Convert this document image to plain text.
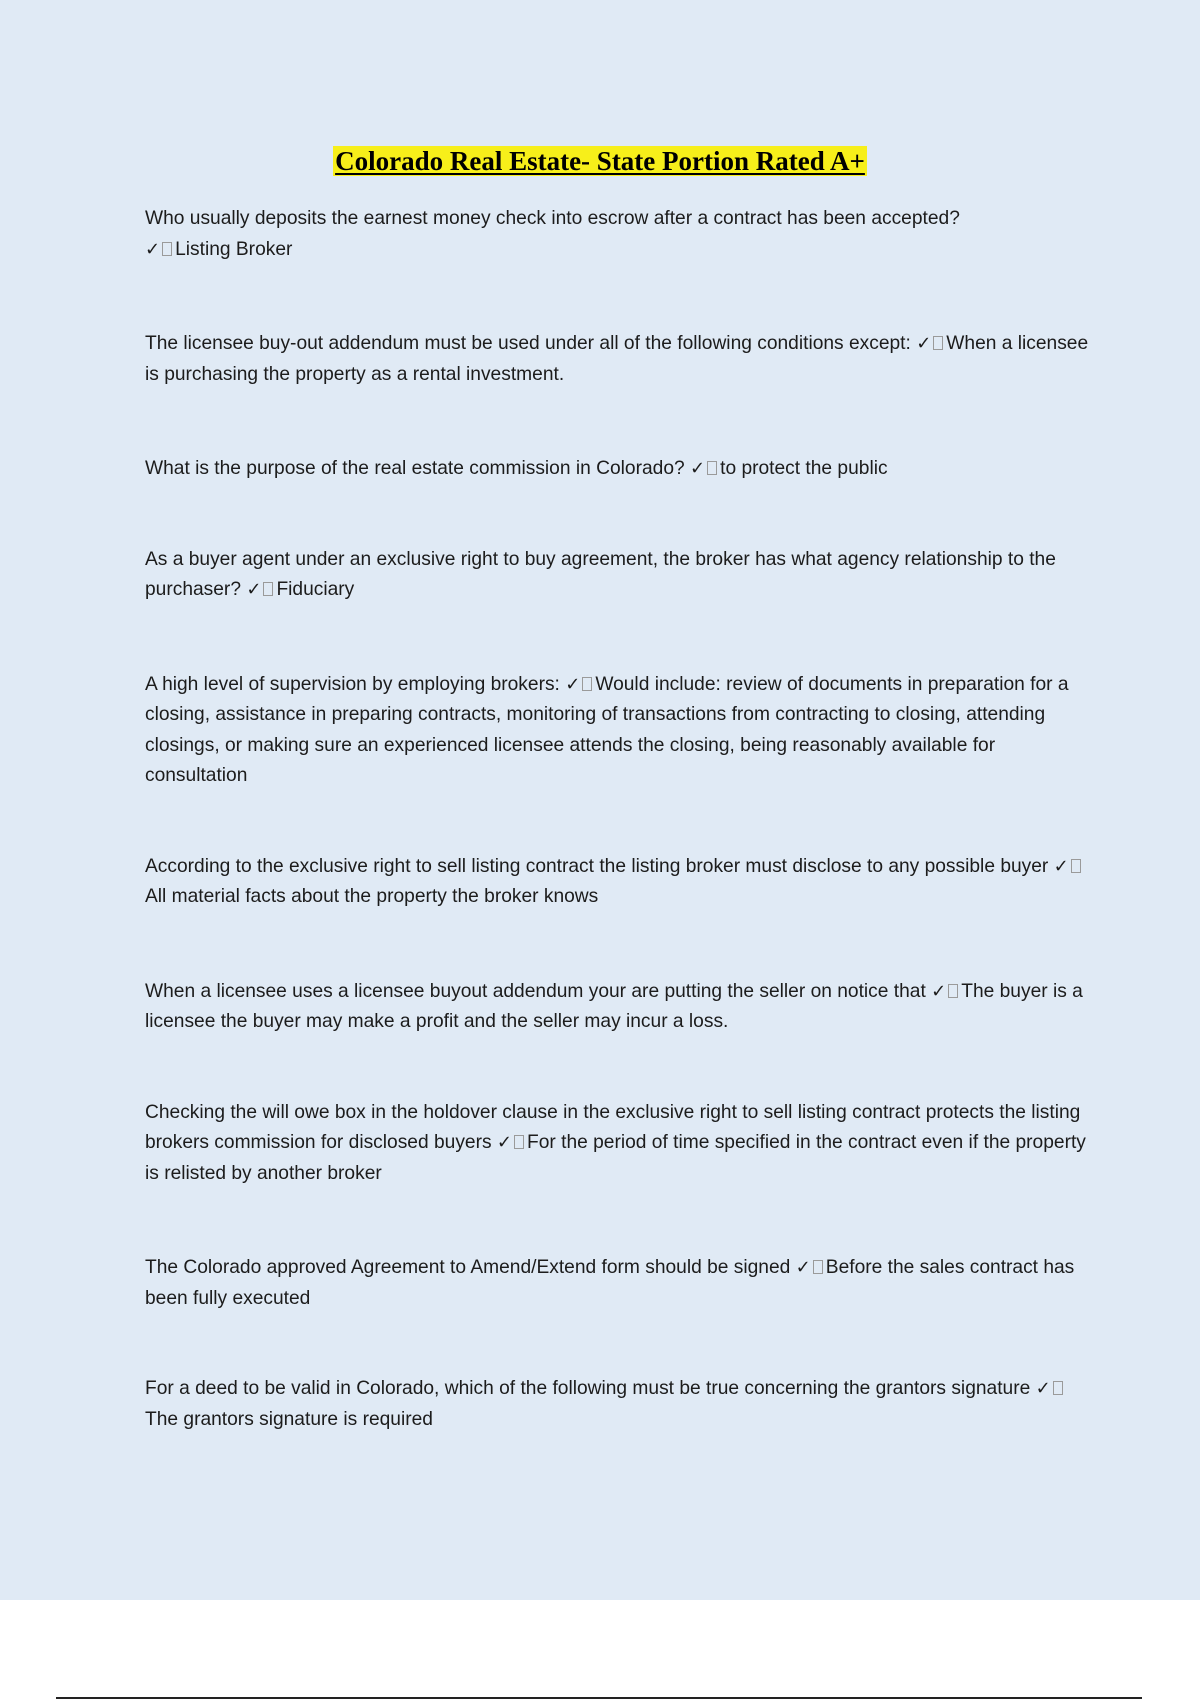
Colorado Real Estate- State Portion Rated A+

Who usually deposits the earnest money check into escrow after a contract has been accepted?
✓ Listing Broker

The licensee buy-out addendum must be used under all of the following conditions except: ✓ When a licensee is purchasing the property as a rental investment.

What is the purpose of the real estate commission in Colorado? ✓ to protect the public

As a buyer agent under an exclusive right to buy agreement, the broker has what agency relationship to the purchaser? ✓ Fiduciary

A high level of supervision by employing brokers: ✓ Would include: review of documents in preparation for a closing, assistance in preparing contracts, monitoring of transactions from contracting to closing, attending closings, or making sure an experienced licensee attends the closing, being reasonably available for consultation

According to the exclusive right to sell listing contract the listing broker must disclose to any possible buyer ✓All material facts about the property the broker knows

When a licensee uses a licensee buyout addendum your are putting the seller on notice that ✓ The buyer is a licensee the buyer may make a profit and the seller may incur a loss.

Checking the will owe box in the holdover clause in the exclusive right to sell listing contract protects the listing brokers commission for disclosed buyers ✓ For the period of time specified in the contract even if the property is relisted by another broker

The Colorado approved Agreement to Amend/Extend form should be signed ✓ Before the sales contract has been fully executed

For a deed to be valid in Colorado, which of the following must be true concerning the grantors signature ✓The grantors signature is required
